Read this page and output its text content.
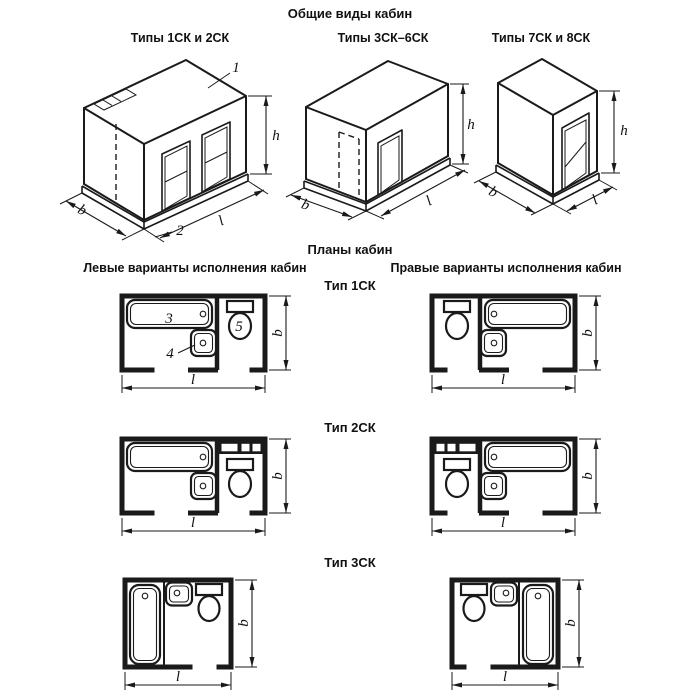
Общие виды кабин
Типы 1СК и 2СК	Типы 3СК–6СК	Типы 7СК и 8СК
Планы кабин
Левые варианты исполнения кабин	Правые варианты исполнения кабин
Тип 1СК
Тип 2СК
Тип 3СК
1
2
b
l
h
b	l
h
b	l
h
l
b
3
4
5
l
b
